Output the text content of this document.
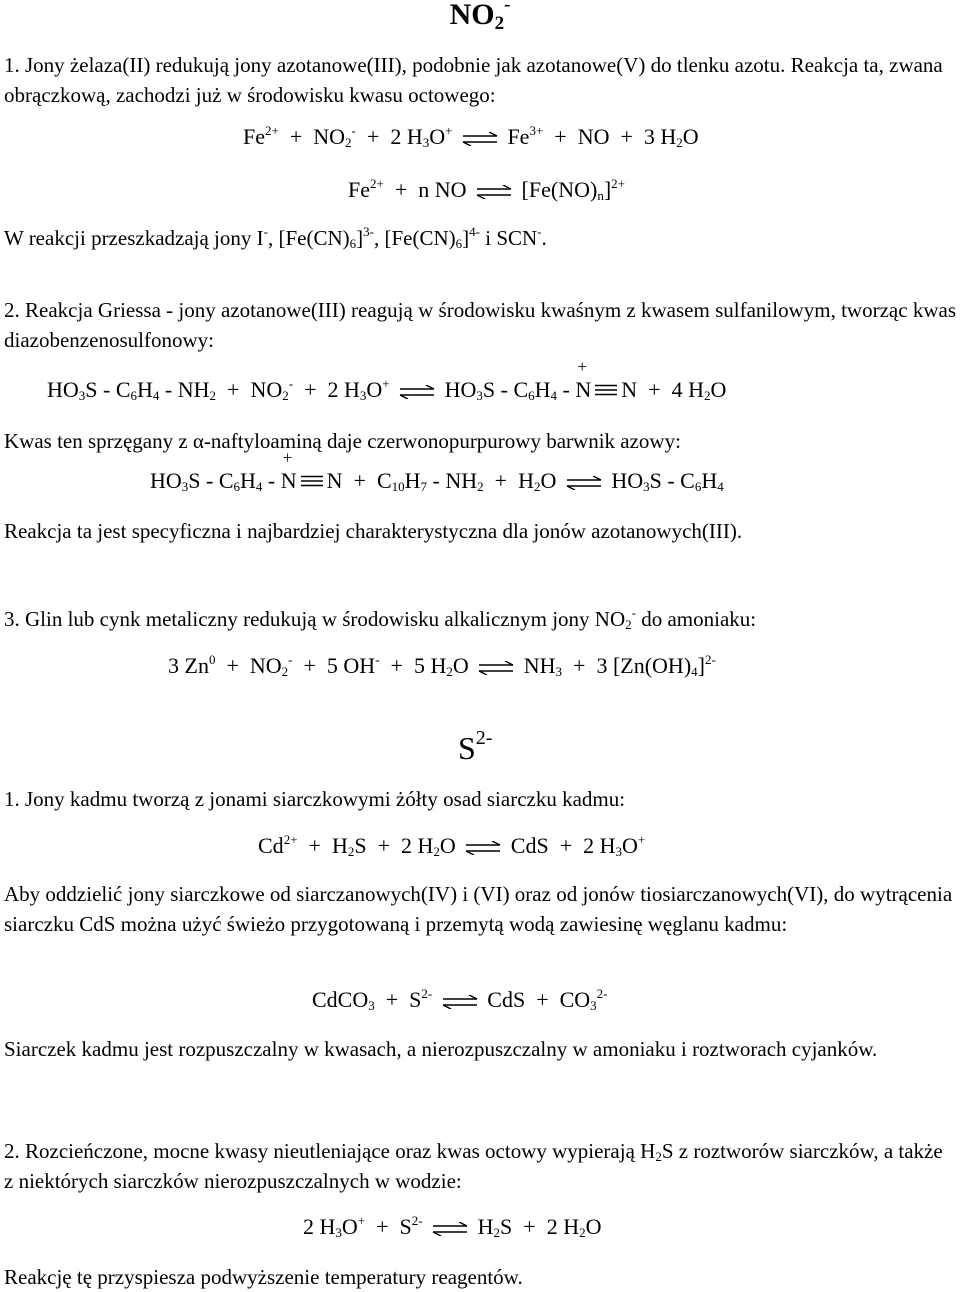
$NO_2^-$

1. Jony żelaza(II) redukują jony azotanowe(III), podobnie jak azotanowe(V) do tlenku azotu. Reakcja ta, zwana obrączkową, zachodzi już w środowisku kwasu octowego:

$Fe^{2+} + NO_2^- + 2$ $H_3O^+$	$Fe^{3+}$ + NO + 3 $H_2O$
$Fe^{2+} + n$ NO	$[Fe(NO)_n]^{2+}$

W reakcji przeszkadzają jony I-, $[Fe(CN)_6]^{3-}$, $[Fe(CN)_6]^{4-}$ i SCN-.

2. Reakcja Griessa - jony azotanowe(III) reagują w środowisku kwaśnym z kwasem sulfanilowym, tworząc kwas diazobenzenosulfonowy:

$HO_3S - C_6H_4 - NH_2 + NO_2^- + 2$ $H_3O^+$	$HO_3S - C_6H_4$ -
+
N N + 4 $H_2O$

Kwas ten sprzęgany z α-naftyloaminą daje czerwonopurpurowy barwnik azowy:

$HO_3S - C_6H_4$ -
+
N $N + C_{10}H_7 - NH_2 + H_2O$	$HO_3S - C_6H_4$

Reakcja ta jest specyficzna i najbardziej charakterystyczna dla jonów azotanowych(III).

3. Glin lub cynk metaliczny redukują w środowisku alkalicznym jony $NO_2^-$ do amoniaku:

3 $Zn^0 + NO_2^- + 5$ OH- + 5 $H_2O$	$NH_3 + 3$ $[Zn(OH)_4]^{2-}$
$S^{2-}$

1. Jony kadmu tworzą z jonami siarczkowymi żółty osad siarczku kadmu:

$Cd^{2+} + H_2S + 2$ $H_2O$	CdS + 2 $H_3O^+$

Aby oddzielić jony siarczkowe od siarczanowych(IV) i (VI) oraz od jonów tiosiarczanowych(VI), do wytrącenia siarczku CdS można użyć świeżo przygotowaną i przemytą wodą zawiesinę węglanu kadmu:

CdCO$_3$ + $S^{2-}$	CdS + $CO_3^{2-}$

Siarczek kadmu jest rozpuszczalny w kwasach, a nierozpuszczalny w amoniaku i roztworach cyjanków.

2. Rozcieńczone, mocne kwasy nieutleniające oraz kwas octowy wypierają $H_2S$ z roztworów siarczków, a także z niektórych siarczków nierozpuszczalnych w wodzie:

2 $H_3O^+ + S^{2-}$	$H_2S + 2$ $H_2O$

Reakcję tę przyspiesza podwyższenie temperatury reagentów.
